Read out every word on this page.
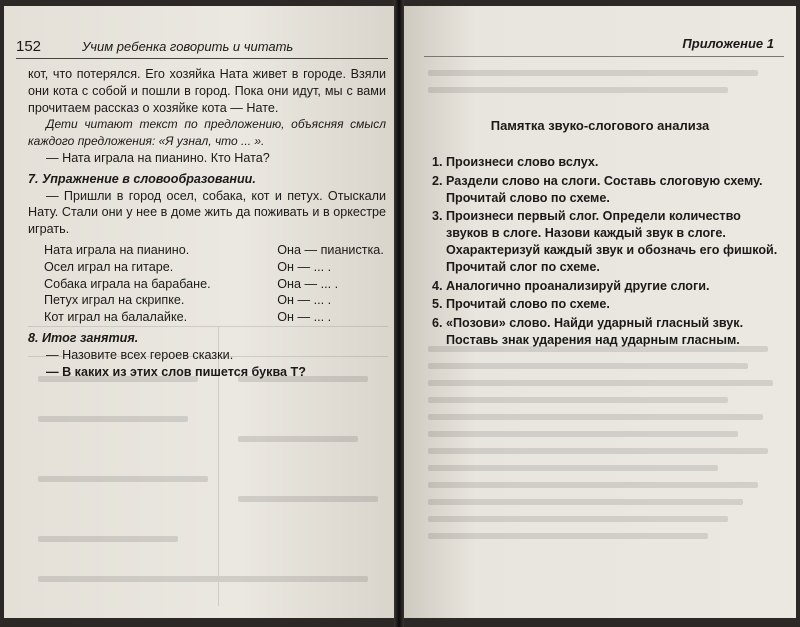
152	Учим ребенка говорить и читать

кот, что потерялся. Его хозяйка Ната живет в городе. Взяли они кота с собой и пошли в город. Пока они идут, мы с вами прочитаем рассказ о хозяйке кота — Нате.

Дети читают текст по предложению, объясняя смысл каждого предложения: «Я узнал, что ... ».

— Ната играла на пианино. Кто Ната?

7. Упражнение в словообразовании.

— Пришли в город осел, собака, кот и петух. Отыскали Нату. Стали они у нее в доме жить да поживать и в оркестре играть.

Ната играла на пианино.	Она — пианистка.
Осел играл на гитаре.	Он — ... .
Собака играла на барабане.	Она — ... .
Петух играл на скрипке.	Он — ... .
Кот играл на балалайке.	Он — ... .

8. Итог занятия.

— Назовите всех героев сказки.

— В каких из этих слов пишется буква Т?

Приложение 1
Памятка звуко-слогового анализа
1. Произнеси слово вслух.
2. Раздели слово на слоги. Составь слоговую схему. Прочитай слово по схеме.
3. Произнеси первый слог. Определи количество звуков в слоге. Назови каждый звук в слоге. Охарактеризуй каждый звук и обозначь его фишкой. Прочитай слог по схеме.
4. Аналогично проанализируй другие слоги.
5. Прочитай слово по схеме.
6. «Позови» слово. Найди ударный гласный звук. Поставь знак ударения над ударным гласным.
